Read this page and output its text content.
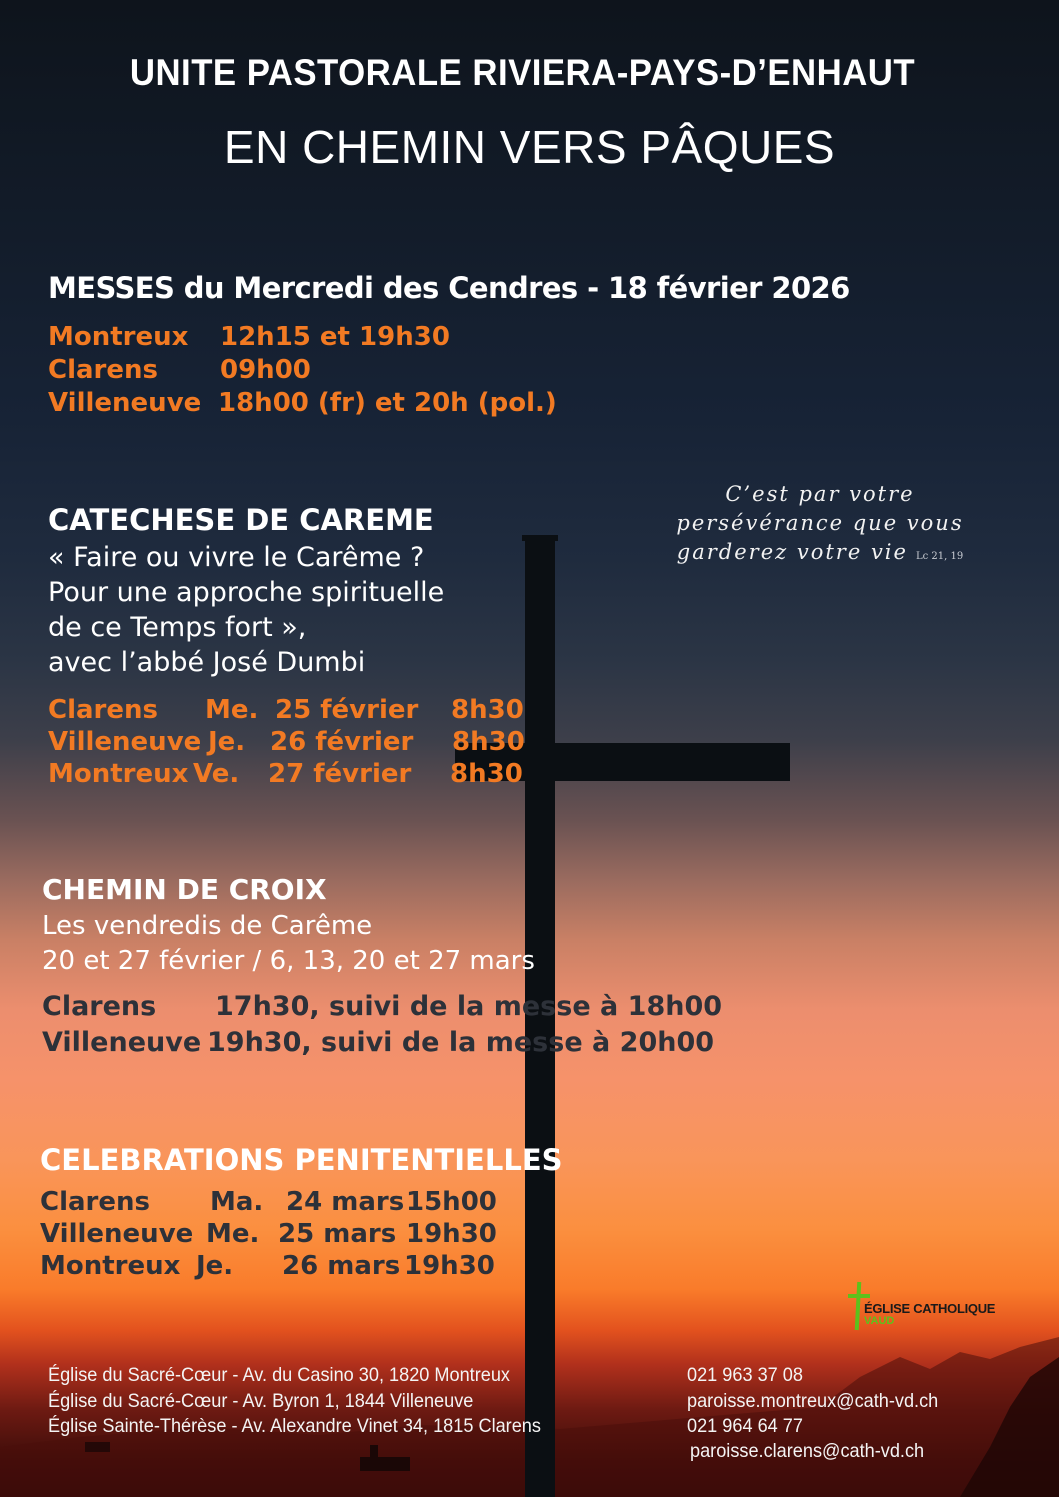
UNITE PASTORALE RIVIERA-PAYS-D’ENHAUT
EN CHEMIN VERS PÂQUES
MESSES du Mercredi des Cendres - 18 février 2026
Montreux 12h15 et 19h30
Clarens 09h00
Villeneuve 18h00 (fr) et 20h (pol.)
CATECHESE DE CAREME
« Faire ou vivre le Carême ?
Pour une approche spirituelle
de ce Temps fort »,
avec l’abbé José Dumbi
Clarens Me. 25 février 8h30
Villeneuve Je. 26 février 8h30
Montreux Ve. 27 février 8h30
C’est par votre
persévérance que vous
garderez votre vie Lc 21, 19
CHEMIN DE CROIX
Les vendredis de Carême
20 et 27 février / 6, 13, 20 et 27 mars
Clarens 17h30, suivi de la messe à 18h00
Villeneuve 19h30, suivi de la messe à 20h00
CELEBRATIONS PENITENTIELLES
Clarens Ma. 24 mars15h00
Villeneuve Me. 25 mars 19h30
Montreux Je. 26 mars 19h30
ÉGLISE CATHOLIQUE
VAUD
Église du Sacré-Cœur - Av. du Casino 30, 1820 Montreux
Église du Sacré-Cœur - Av. Byron 1, 1844 Villeneuve
Église Sainte-Thérèse - Av. Alexandre Vinet 34, 1815 Clarens
021 963 37 08
paroisse.montreux@cath-vd.ch
021 964 64 77
paroisse.clarens@cath-vd.ch
